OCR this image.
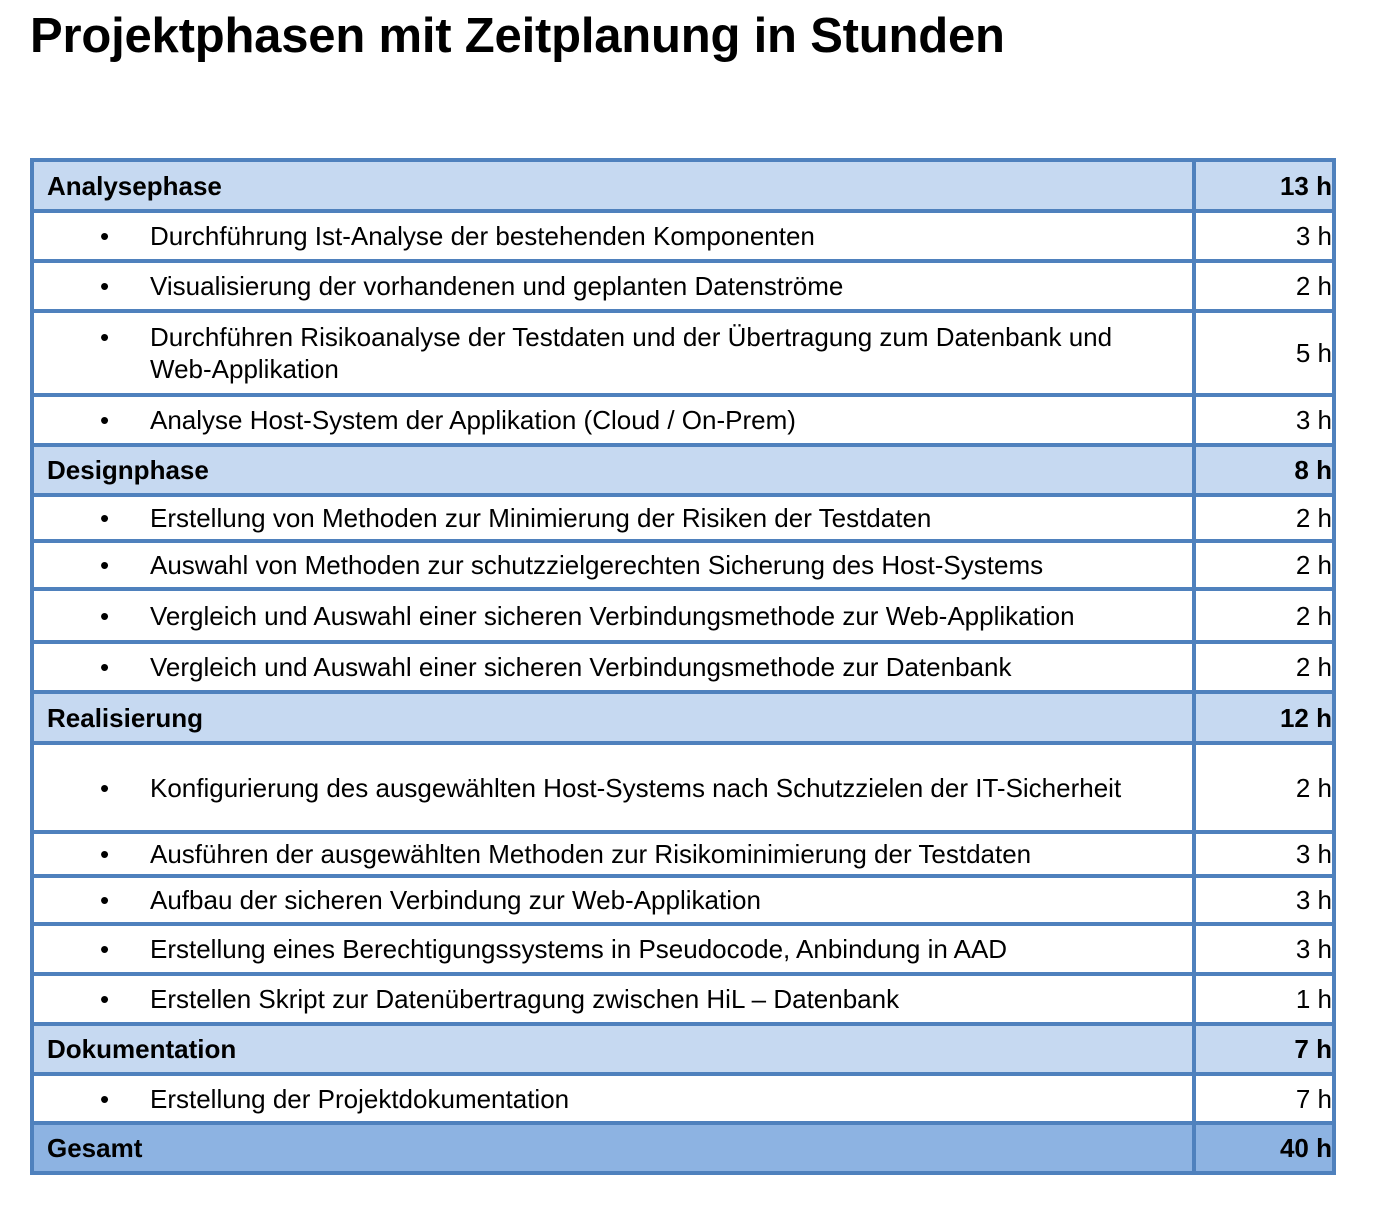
Projektphasen mit Zeitplanung in Stunden
Analysephase	13 h

• Durchführung Ist-Analyse der bestehenden Komponenten	3 h

• Visualisierung der vorhandenen und geplanten Datenströme	2 h

• Durchführen Risikoanalyse der Testdaten und der Übertragung zum Datenbank und Web-Applikation	5 h

• Analyse Host-System der Applikation (Cloud / On-Prem)	3 h
Designphase	8 h

• Erstellung von Methoden zur Minimierung der Risiken der Testdaten	2 h

• Auswahl von Methoden zur schutzzielgerechten Sicherung des Host-Systems	2 h

• Vergleich und Auswahl einer sicheren Verbindungsmethode zur Web-Applikation	2 h

• Vergleich und Auswahl einer sicheren Verbindungsmethode zur Datenbank	2 h
Realisierung	12 h

• Konfigurierung des ausgewählten Host-Systems nach Schutzzielen der IT-Sicherheit	2 h

• Ausführen der ausgewählten Methoden zur Risikominimierung der Testdaten	3 h

• Aufbau der sicheren Verbindung zur Web-Applikation	3 h

• Erstellung eines Berechtigungssystems in Pseudocode, Anbindung in AAD	3 h

• Erstellen Skript zur Datenübertragung zwischen HiL – Datenbank	1 h
Dokumentation	7 h

• Erstellung der Projektdokumentation	7 h
Gesamt	40 h
